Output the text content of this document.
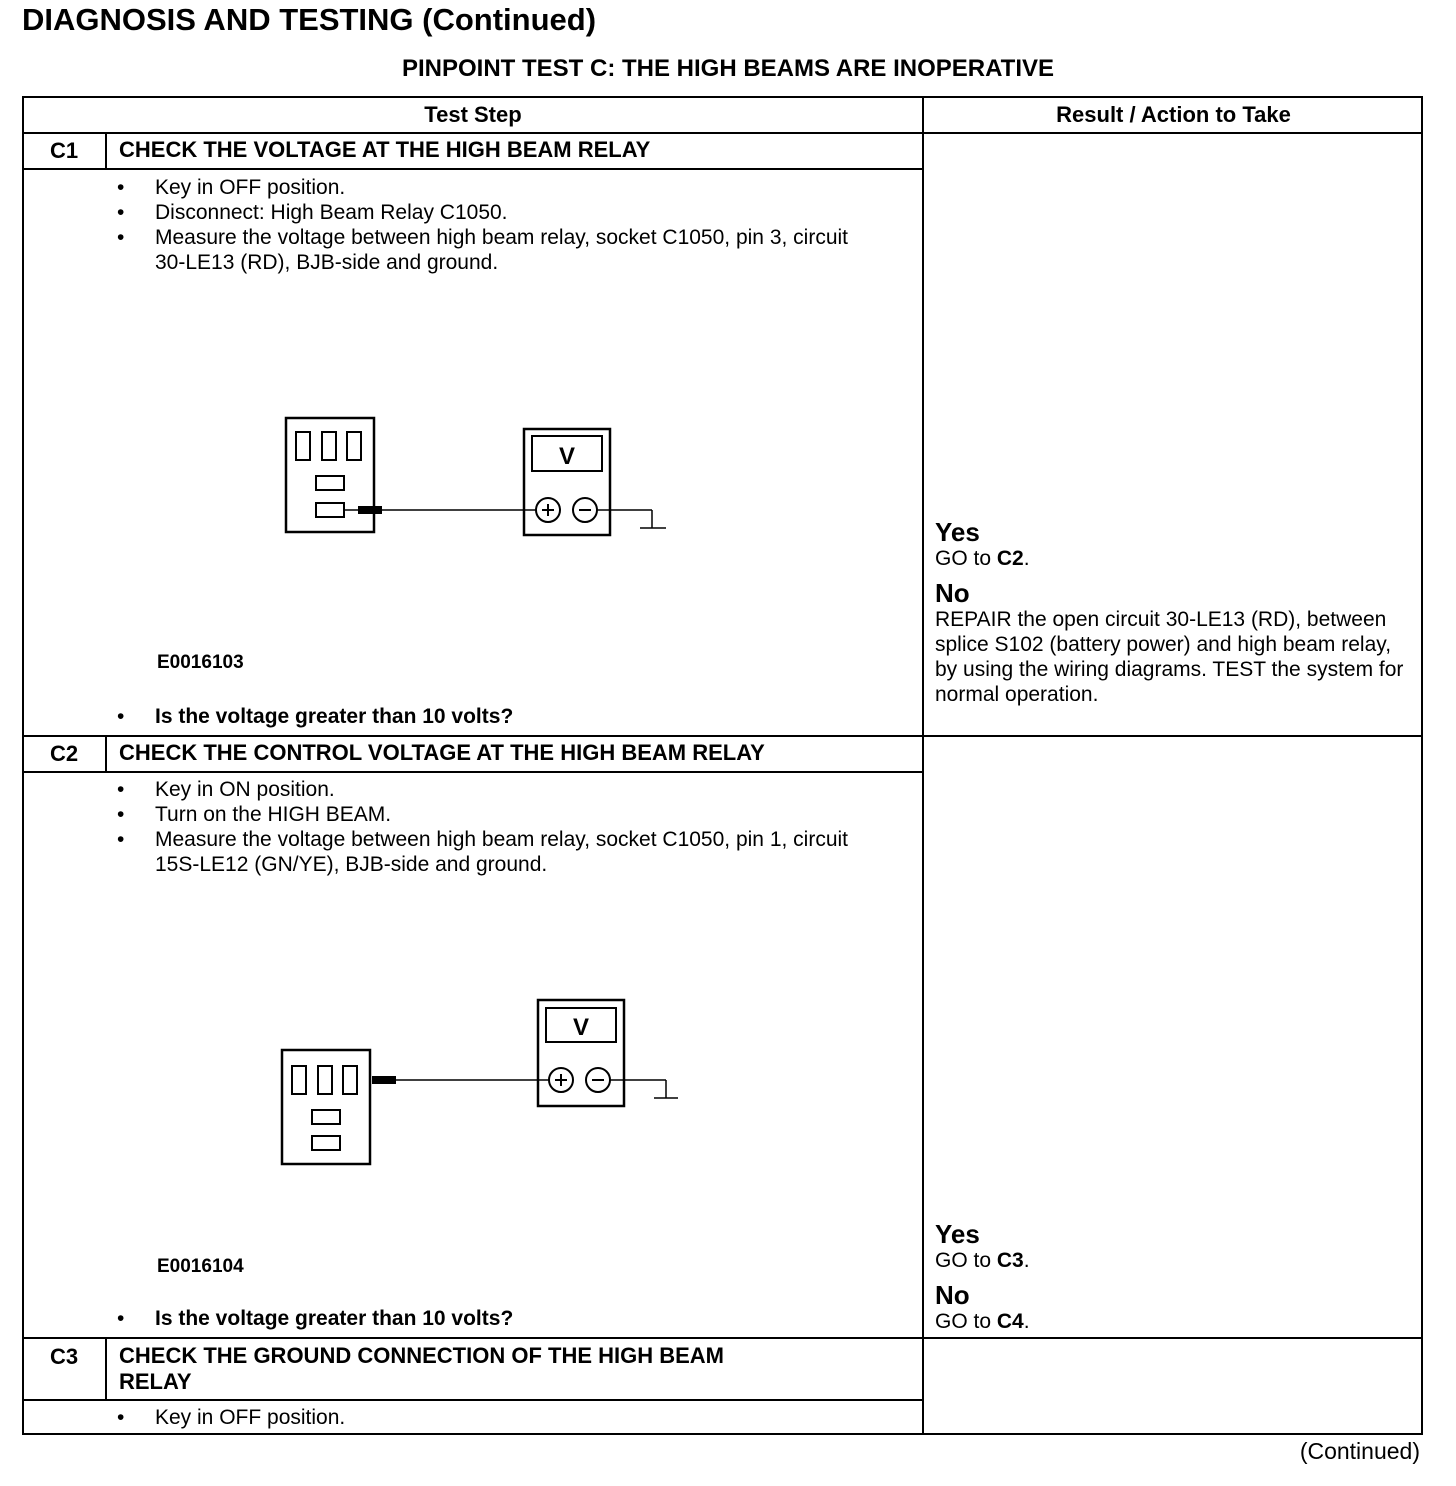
DIAGNOSIS AND TESTING (Continued)
PINPOINT TEST C: THE HIGH BEAMS ARE INOPERATIVE
Test Step	Result / Action to Take
C1	CHECK THE VOLTAGE AT THE HIGH BEAM RELAY
• Key in OFF position.
• Disconnect: High Beam Relay C1050.
• Measure the voltage between high beam relay, socket C1050, pin 3, circuit 30-LE13 (RD), BJB-side and ground.
V
E0016103
• Is the voltage greater than 10 volts?
Yes
GO to C2.
No
REPAIR the open circuit 30-LE13 (RD), between splice S102 (battery power) and high beam relay, by using the wiring diagrams. TEST the system for normal operation.
C2	CHECK THE CONTROL VOLTAGE AT THE HIGH BEAM RELAY
• Key in ON position.
• Turn on the HIGH BEAM.
• Measure the voltage between high beam relay, socket C1050, pin 1, circuit 15S-LE12 (GN/YE), BJB-side and ground.
V
E0016104
• Is the voltage greater than 10 volts?
Yes
GO to C3.
No
GO to C4.
C3	CHECK THE GROUND CONNECTION OF THE HIGH BEAM
RELAY
• Key in OFF position.
(Continued)
